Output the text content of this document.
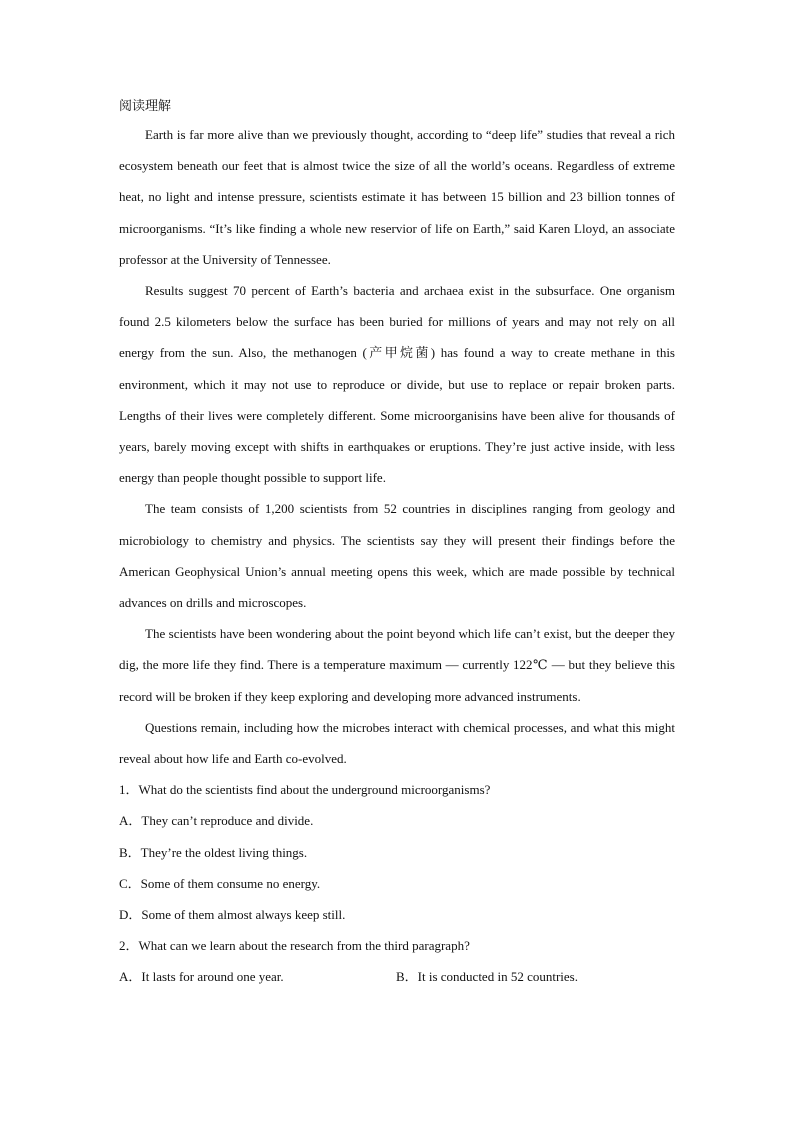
阅读理解

Earth is far more alive than we previously thought, according to “deep life” studies that reveal a rich ecosystem beneath our feet that is almost twice the size of all the world’s oceans. Regardless of extreme heat, no light and intense pressure, scientists estimate it has between 15 billion and 23 billion tonnes of microorganisms. “It’s like finding a whole new reservior of life on Earth,” said Karen Lloyd, an associate professor at the University of Tennessee.

Results suggest 70 percent of Earth’s bacteria and archaea exist in the subsurface. One organism found 2.5 kilometers below the surface has been buried for millions of years and may not rely on all energy from the sun. Also, the methanogen (产甲烷菌) has found a way to create methane in this environment, which it may not use to reproduce or divide, but use to replace or repair broken parts. Lengths of their lives were completely different. Some microorganisins have been alive for thousands of years, barely moving except with shifts in earthquakes or eruptions. They’re just active inside, with less energy than people thought possible to support life.

The team consists of 1,200 scientists from 52 countries in disciplines ranging from geology and microbiology to chemistry and physics. The scientists say they will present their findings before the American Geophysical Union’s annual meeting opens this week, which are made possible by technical advances on drills and microscopes.

The scientists have been wondering about the point beyond which life can’t exist, but the deeper they dig, the more life they find. There is a temperature maximum — currently 122℃ — but they believe this record will be broken if they keep exploring and developing more advanced instruments.

Questions remain, including how the microbes interact with chemical processes, and what this might reveal about how life and Earth co-evolved.

1．What do the scientists find about the underground microorganisms?
A．They can’t reproduce and divide.
B．They’re the oldest living things.
C．Some of them consume no energy.
D．Some of them almost always keep still.
2．What can we learn about the research from the third paragraph?
A．It lasts for around one year.	B．It is conducted in 52 countries.
